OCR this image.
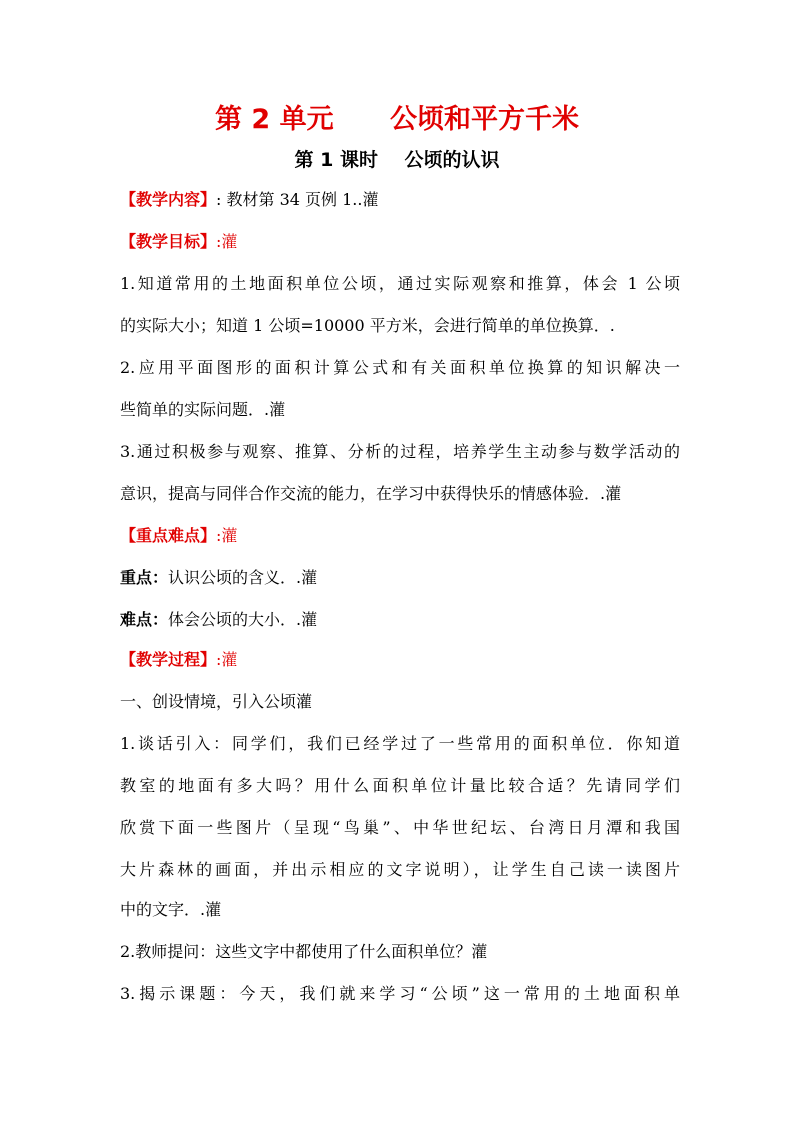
第 2 单元      公顷和平方千米
第 1 课时    公顷的认识
【教学内容】: 教材第 34 页例 1..灌
【教学目标】:灌
1.知道常用的土地面积单位公顷，通过实际观察和推算，体会 1 公顷
的实际大小；知道 1 公顷=10000 平方米，会进行简单的单位换算．.
2.应用平面图形的面积计算公式和有关面积单位换算的知识解决一
些简单的实际问题．.灌
3.通过积极参与观察、推算、分析的过程，培养学生主动参与数学活动的
意识，提高与同伴合作交流的能力，在学习中获得快乐的情感体验．.灌
【重点难点】:灌
重点：认识公顷的含义．.灌
难点：体会公顷的大小．.灌
【教学过程】:灌
一、创设情境，引入公顷灌
1.谈话引入：同学们，我们已经学过了一些常用的面积单位．你知道
教室的地面有多大吗？用什么面积单位计量比较合适？先请同学们
欣赏下面一些图片（呈现“鸟巢”、中华世纪坛、台湾日月潭和我国
大片森林的画面，并出示相应的文字说明），让学生自己读一读图片
中的文字．.灌
2.教师提问：这些文字中都使用了什么面积单位？灌
3.揭示课题：今天，我们就来学习“公顷”这一常用的土地面积单
